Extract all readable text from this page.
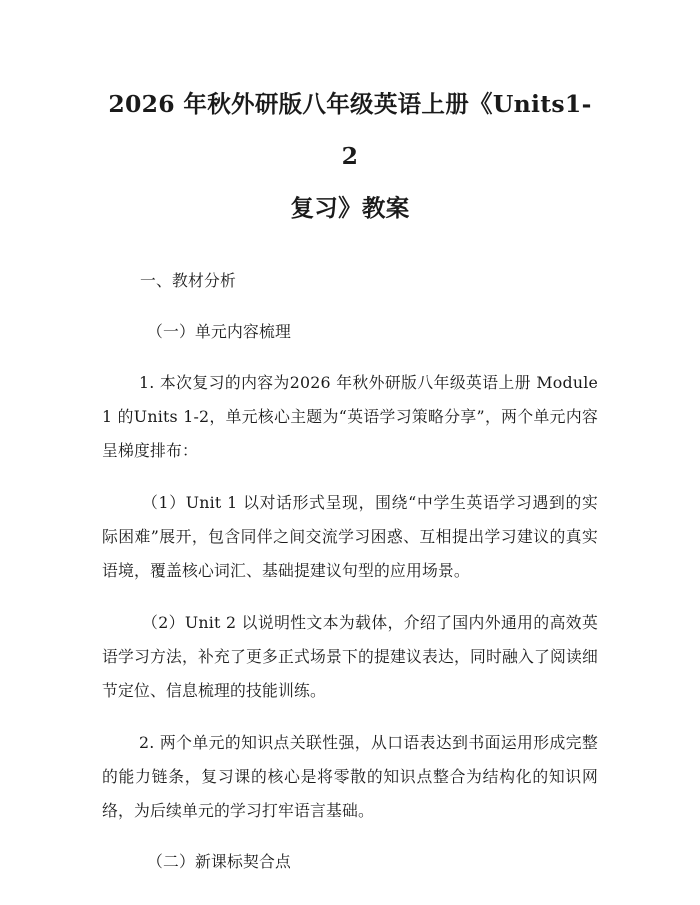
2026 年秋外研版八年级英语上册《Units1-2
复习》教案

一、教材分析

（一）单元内容梳理

1. 本次复习的内容为2026 年秋外研版八年级英语上册 Module 1 的Units 1-2，单元核心主题为“英语学习策略分享”，两个单元内容呈梯度排布：

（1）Unit 1 以对话形式呈现，围绕“中学生英语学习遇到的实际困难”展开，包含同伴之间交流学习困惑、互相提出学习建议的真实语境，覆盖核心词汇、基础提建议句型的应用场景。

（2）Unit 2 以说明性文本为载体，介绍了国内外通用的高效英语学习方法，补充了更多正式场景下的提建议表达，同时融入了阅读细节定位、信息梳理的技能训练。

2. 两个单元的知识点关联性强，从口语表达到书面运用形成完整的能力链条，复习课的核心是将零散的知识点整合为结构化的知识网络，为后续单元的学习打牢语言基础。

（二）新课标契合点
